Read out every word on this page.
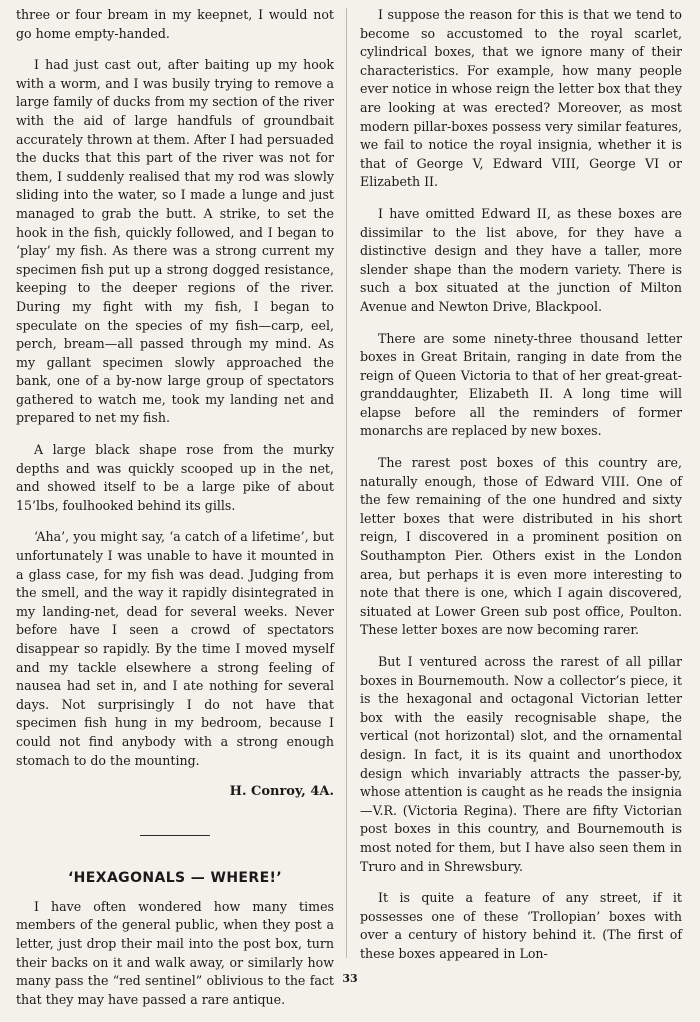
three or four bream in my keepnet, I would not go home empty-handed.

I had just cast out, after baiting up my hook with a worm, and I was busily trying to remove a large family of ducks from my section of the river with the aid of large handfuls of groundbait accurately thrown at them. After I had persuaded the ducks that this part of the river was not for them, I suddenly realised that my rod was slowly sliding into the water, so I made a lunge and just managed to grab the butt. A strike, to set the hook in the fish, quickly followed, and I began to ‘play’ my fish. As there was a strong current my specimen fish put up a strong dogged resistance, keeping to the deeper regions of the river. During my fight with my fish, I began to speculate on the species of my fish—carp, eel, perch, bream—all passed through my mind. As my gallant specimen slowly approached the bank, one of a by-now large group of spectators gathered to watch me, took my landing net and prepared to net my fish.

A large black shape rose from the murky depths and was quickly scooped up in the net, and showed itself to be a large pike of about 15’lbs, foulhooked behind its gills.

‘Aha’, you might say, ‘a catch of a lifetime’, but unfortunately I was unable to have it mounted in a glass case, for my fish was dead. Judging from the smell, and the way it rapidly disintegrated in my landing-net, dead for several weeks. Never before have I seen a crowd of spectators disappear so rapidly. By the time I moved myself and my tackle elsewhere a strong feeling of nausea had set in, and I ate nothing for several days. Not surprisingly I do not have that specimen fish hung in my bedroom, because I could not find anybody with a strong enough stomach to do the mounting.

H. Conroy, 4A.

‘HEXAGONALS — WHERE!’

I have often wondered how many times members of the general public, when they post a letter, just drop their mail into the post box, turn their backs on it and walk away, or similarly how many pass the “red sentinel” oblivious to the fact that they may have passed a rare antique.

I suppose the reason for this is that we tend to become so accustomed to the royal scarlet, cylindrical boxes, that we ignore many of their characteristics. For example, how many people ever notice in whose reign the letter box that they are looking at was erected? Moreover, as most modern pillar-boxes possess very similar features, we fail to notice the royal insignia, whether it is that of George V, Edward VIII, George VI or Elizabeth II.

I have omitted Edward II, as these boxes are dissimilar to the list above, for they have a distinctive design and they have a taller, more slender shape than the modern variety. There is such a box situated at the junction of Milton Avenue and Newton Drive, Blackpool.

There are some ninety-three thousand letter boxes in Great Britain, ranging in date from the reign of Queen Victoria to that of her great-great-granddaughter, Elizabeth II. A long time will elapse before all the reminders of former monarchs are replaced by new boxes.

The rarest post boxes of this country are, naturally enough, those of Edward VIII. One of the few remaining of the one hundred and sixty letter boxes that were distributed in his short reign, I discovered in a prominent position on Southampton Pier. Others exist in the London area, but perhaps it is even more interesting to note that there is one, which I again discovered, situated at Lower Green sub post office, Poulton. These letter boxes are now becoming rarer.

But I ventured across the rarest of all pillar boxes in Bournemouth. Now a collector’s piece, it is the hexagonal and octagonal Victorian letter box with the easily recognisable shape, the vertical (not horizontal) slot, and the ornamental design. In fact, it is its quaint and unorthodox design which invariably attracts the passer-by, whose attention is caught as he reads the insignia—V.R. (Victoria Regina). There are fifty Victorian post boxes in this country, and Bournemouth is most noted for them, but I have also seen them in Truro and in Shrewsbury.

It is quite a feature of any street, if it possesses one of these ‘Trollopian’ boxes with over a century of history behind it. (The first of these boxes appeared in Lon-

33
